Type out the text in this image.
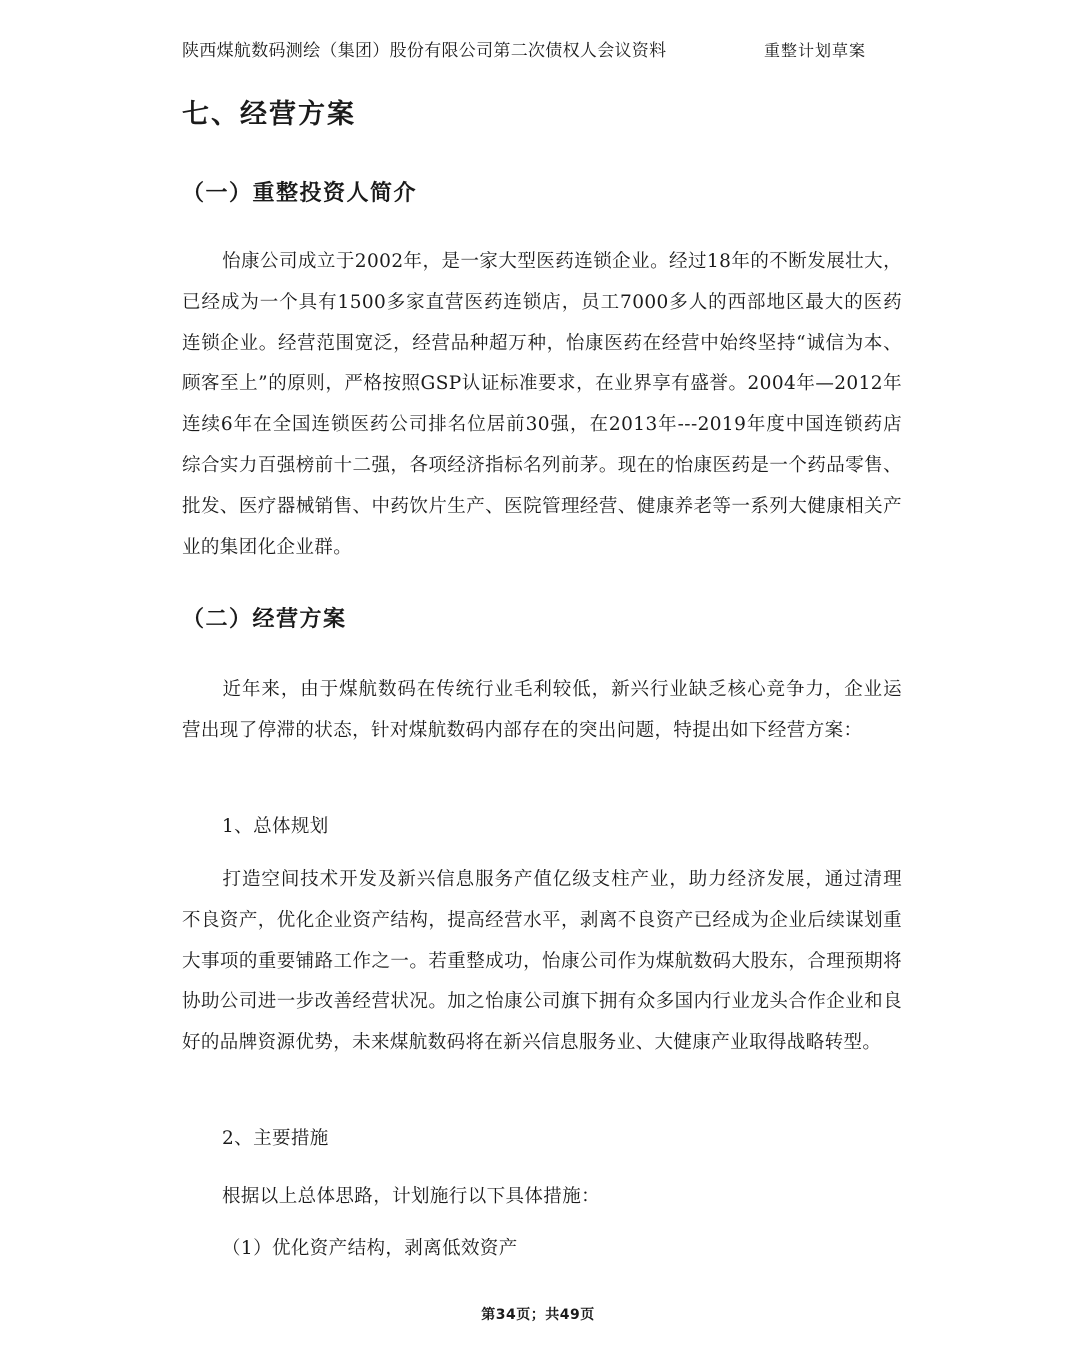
陕西煤航数码测绘（集团）股份有限公司第二次债权人会议资料	重整计划草案
七、经营方案
（一）重整投资人简介

怡康公司成立于2002年，是一家大型医药连锁企业。经过18年的不断发展壮大，已经成为一个具有1500多家直营医药连锁店，员工7000多人的西部地区最大的医药连锁企业。经营范围宽泛，经营品种超万种，怡康医药在经营中始终坚持“诚信为本、顾客至上”的原则，严格按照GSP认证标准要求，在业界享有盛誉。2004年—2012年连续6年在全国连锁医药公司排名位居前30强，在2013年---2019年度中国连锁药店综合实力百强榜前十二强，各项经济指标名列前茅。现在的怡康医药是一个药品零售、批发、医疗器械销售、中药饮片生产、医院管理经营、健康养老等一系列大健康相关产业的集团化企业群。

（二）经营方案

近年来，由于煤航数码在传统行业毛利较低，新兴行业缺乏核心竞争力，企业运营出现了停滞的状态，针对煤航数码内部存在的突出问题，特提出如下经营方案：

1、总体规划

打造空间技术开发及新兴信息服务产值亿级支柱产业，助力经济发展，通过清理不良资产，优化企业资产结构，提高经营水平，剥离不良资产已经成为企业后续谋划重大事项的重要铺路工作之一。若重整成功，怡康公司作为煤航数码大股东，合理预期将协助公司进一步改善经营状况。加之怡康公司旗下拥有众多国内行业龙头合作企业和良好的品牌资源优势，未来煤航数码将在新兴信息服务业、大健康产业取得战略转型。

2、主要措施
根据以上总体思路，计划施行以下具体措施：
（1）优化资产结构，剥离低效资产
第34页；共49页
